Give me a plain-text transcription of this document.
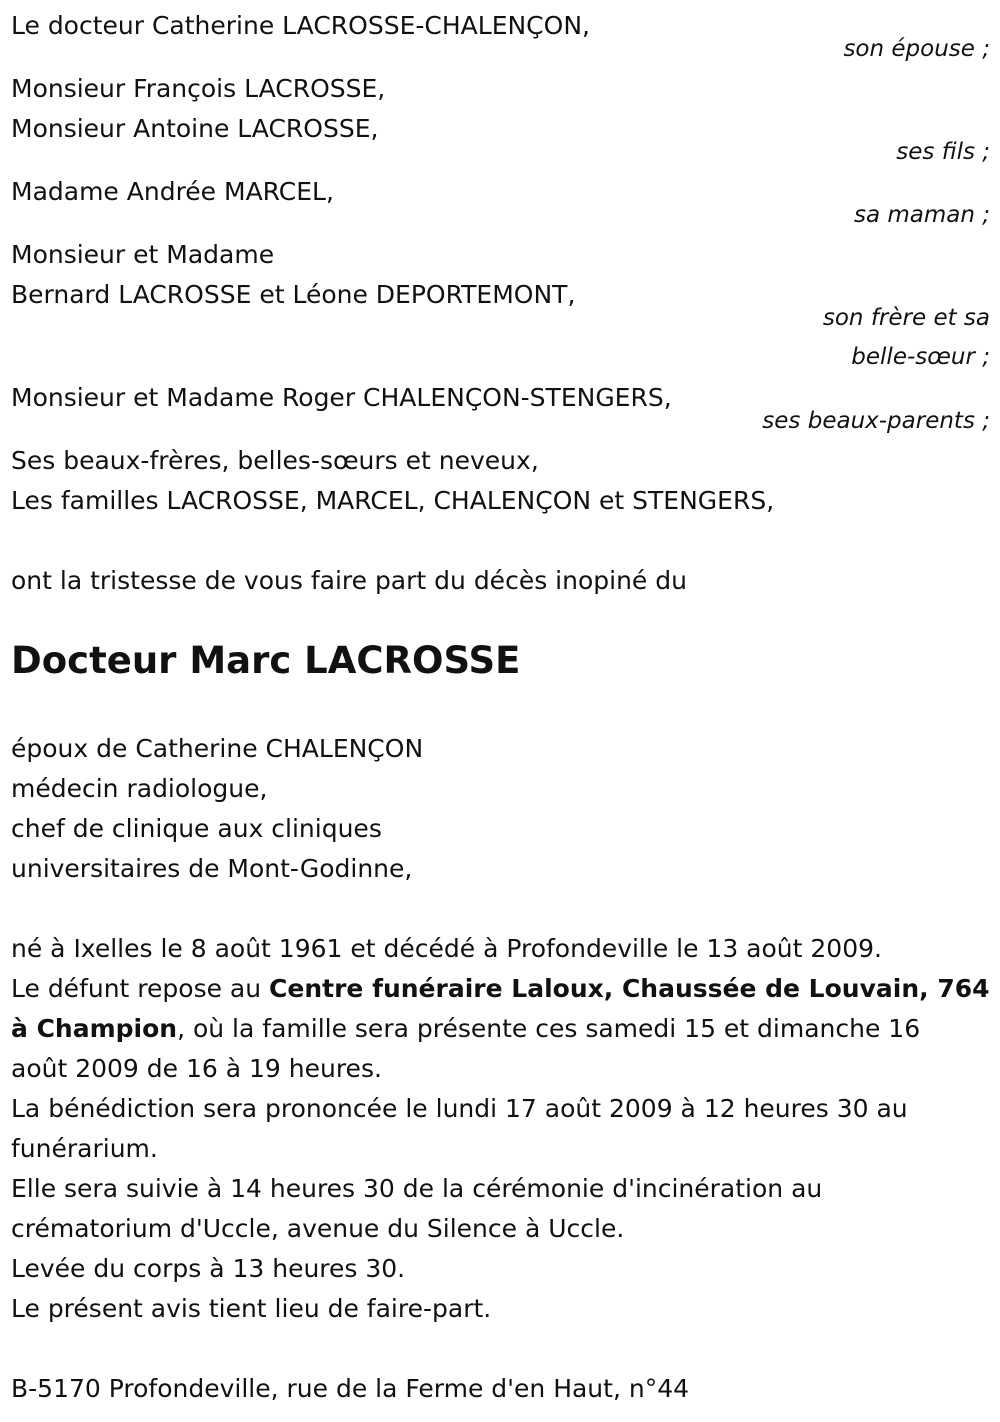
Le docteur Catherine LACROSSE-CHALENÇON,
son épouse ;
Monsieur François LACROSSE,
Monsieur Antoine LACROSSE,
ses fils ;
Madame Andrée MARCEL,
sa maman ;
Monsieur et Madame
Bernard LACROSSE et Léone DEPORTEMONT,
son frère et sa
belle-sœur ;
Monsieur et Madame Roger CHALENÇON-STENGERS,
ses beaux-parents ;
Ses beaux-frères, belles-sœurs et neveux,
Les familles LACROSSE, MARCEL, CHALENÇON et STENGERS,
ont la tristesse de vous faire part du décès inopiné du
Docteur Marc LACROSSE
époux de Catherine CHALENÇON
médecin radiologue,
chef de clinique aux cliniques
universitaires de Mont-Godinne,
né à Ixelles le 8 août 1961 et décédé à Profondeville le 13 août 2009.
Le défunt repose au Centre funéraire Laloux, Chaussée de Louvain, 764
à Champion, où la famille sera présente ces samedi 15 et dimanche 16
août 2009 de 16 à 19 heures.
La bénédiction sera prononcée le lundi 17 août 2009 à 12 heures 30 au
funérarium.
Elle sera suivie à 14 heures 30 de la cérémonie d'incinération au
crématorium d'Uccle, avenue du Silence à Uccle.
Levée du corps à 13 heures 30.
Le présent avis tient lieu de faire-part.
B-5170 Profondeville, rue de la Ferme d'en Haut, n°44
